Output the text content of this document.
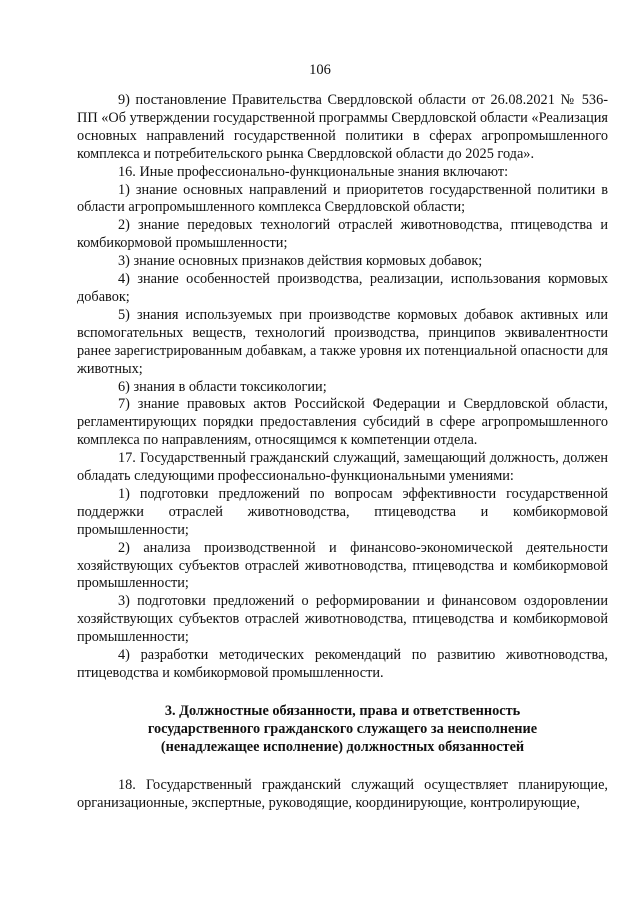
106

9) постановление Правительства Свердловской области от 26.08.2021 № 536-ПП «Об утверждении государственной программы Свердловской области «Реализация основных направлений государственной политики в сферах агропромышленного комплекса и потребительского рынка Свердловской области до 2025 года».

16. Иные профессионально-функциональные знания включают:

1) знание основных направлений и приоритетов государственной политики в области агропромышленного комплекса Свердловской области;

2) знание передовых технологий отраслей животноводства, птицеводства и комбикормовой промышленности;

3) знание основных признаков действия кормовых добавок;

4) знание особенностей производства, реализации, использования кормовых добавок;

5) знания используемых при производстве кормовых добавок активных или вспомогательных веществ, технологий производства, принципов эквивалентности ранее зарегистрированным добавкам, а также уровня их потенциальной опасности для животных;

6) знания в области токсикологии;

7) знание правовых актов Российской Федерации и Свердловской области, регламентирующих порядки предоставления субсидий в сфере агропромышленного комплекса по направлениям, относящимся к компетенции отдела.

17. Государственный гражданский служащий, замещающий должность, должен обладать следующими профессионально-функциональными умениями:

1) подготовки предложений по вопросам эффективности государственной поддержки отраслей животноводства, птицеводства и комбикормовой промышленности;

2) анализа производственной и финансово-экономической деятельности хозяйствующих субъектов отраслей животноводства, птицеводства и комбикормовой промышленности;

3) подготовки предложений о реформировании и финансовом оздоровлении хозяйствующих субъектов отраслей животноводства, птицеводства и комбикормовой промышленности;

4) разработки методических рекомендаций по развитию животноводства, птицеводства и комбикормовой промышленности.

3. Должностные обязанности, права и ответственность
государственного гражданского служащего за неисполнение
(ненадлежащее исполнение) должностных обязанностей

18. Государственный гражданский служащий осуществляет планирующие, организационные, экспертные, руководящие, координирующие, контролирующие,
